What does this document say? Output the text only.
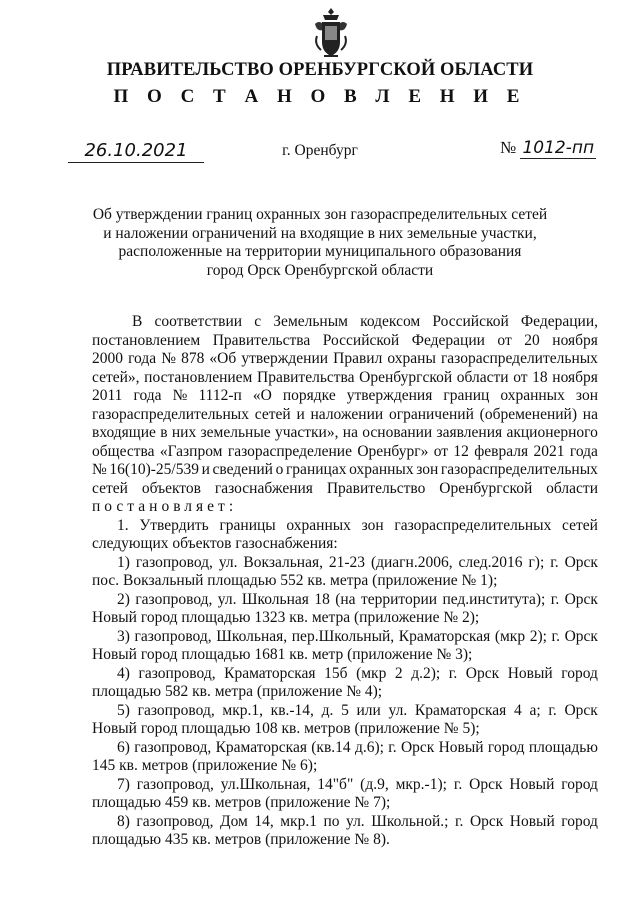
ПРАВИТЕЛЬСТВО ОРЕНБУРГСКОЙ ОБЛАСТИ
П О С Т А Н О В Л Е Н И Е
26.10.2021	г. Оренбург	№ 1012-пп
Об утверждении границ охранных зон газораспределительных сетей
и наложении ограничений на входящие в них земельные участки,
расположенные на территории муниципального образования
город Орск Оренбургской области
В соответствии с Земельным кодексом Российской Федерации,
постановлением Правительства Российской Федерации от 20 ноября
2000 года № 878 «Об утверждении Правил охраны газораспределительных
сетей», постановлением Правительства Оренбургской области от 18 ноября
2011 года № 1112-п «О порядке утверждения границ охранных зон
газораспределительных сетей и наложении ограничений (обременений) на
входящие в них земельные участки», на основании заявления акционерного
общества «Газпром газораспределение Оренбург» от 12 февраля 2021 года
№ 16(10)-25/539 и сведений о границах охранных зон газораспределительных
сетей объектов газоснабжения Правительство Оренбургской области
постановляет:
1. Утвердить границы охранных зон газораспределительных сетей
следующих объектов газоснабжения:
1) газопровод, ул. Вокзальная, 21-23 (диагн.2006, след.2016 г); г. Орск
пос. Вокзальный площадью 552 кв. метра (приложение № 1);
2) газопровод, ул. Школьная 18 (на территории пед.института); г. Орск
Новый город площадью 1323 кв. метра (приложение № 2);
3) газопровод, Школьная, пер.Школьный, Краматорская (мкр 2); г. Орск
Новый город площадью 1681 кв. метр (приложение № 3);
4) газопровод, Краматорская 15б (мкр 2 д.2); г. Орск Новый город
площадью 582 кв. метра (приложение № 4);
5) газопровод, мкр.1, кв.-14, д. 5 или ул. Краматорская 4 а; г. Орск
Новый город площадью 108 кв. метров (приложение № 5);
6) газопровод, Краматорская (кв.14 д.6); г. Орск Новый город площадью
145 кв. метров (приложение № 6);
7) газопровод, ул.Школьная, 14"б" (д.9, мкр.-1); г. Орск Новый город
площадью 459 кв. метров (приложение № 7);
8) газопровод, Дом 14, мкр.1 по ул. Школьной.; г. Орск Новый город
площадью 435 кв. метров (приложение № 8).
